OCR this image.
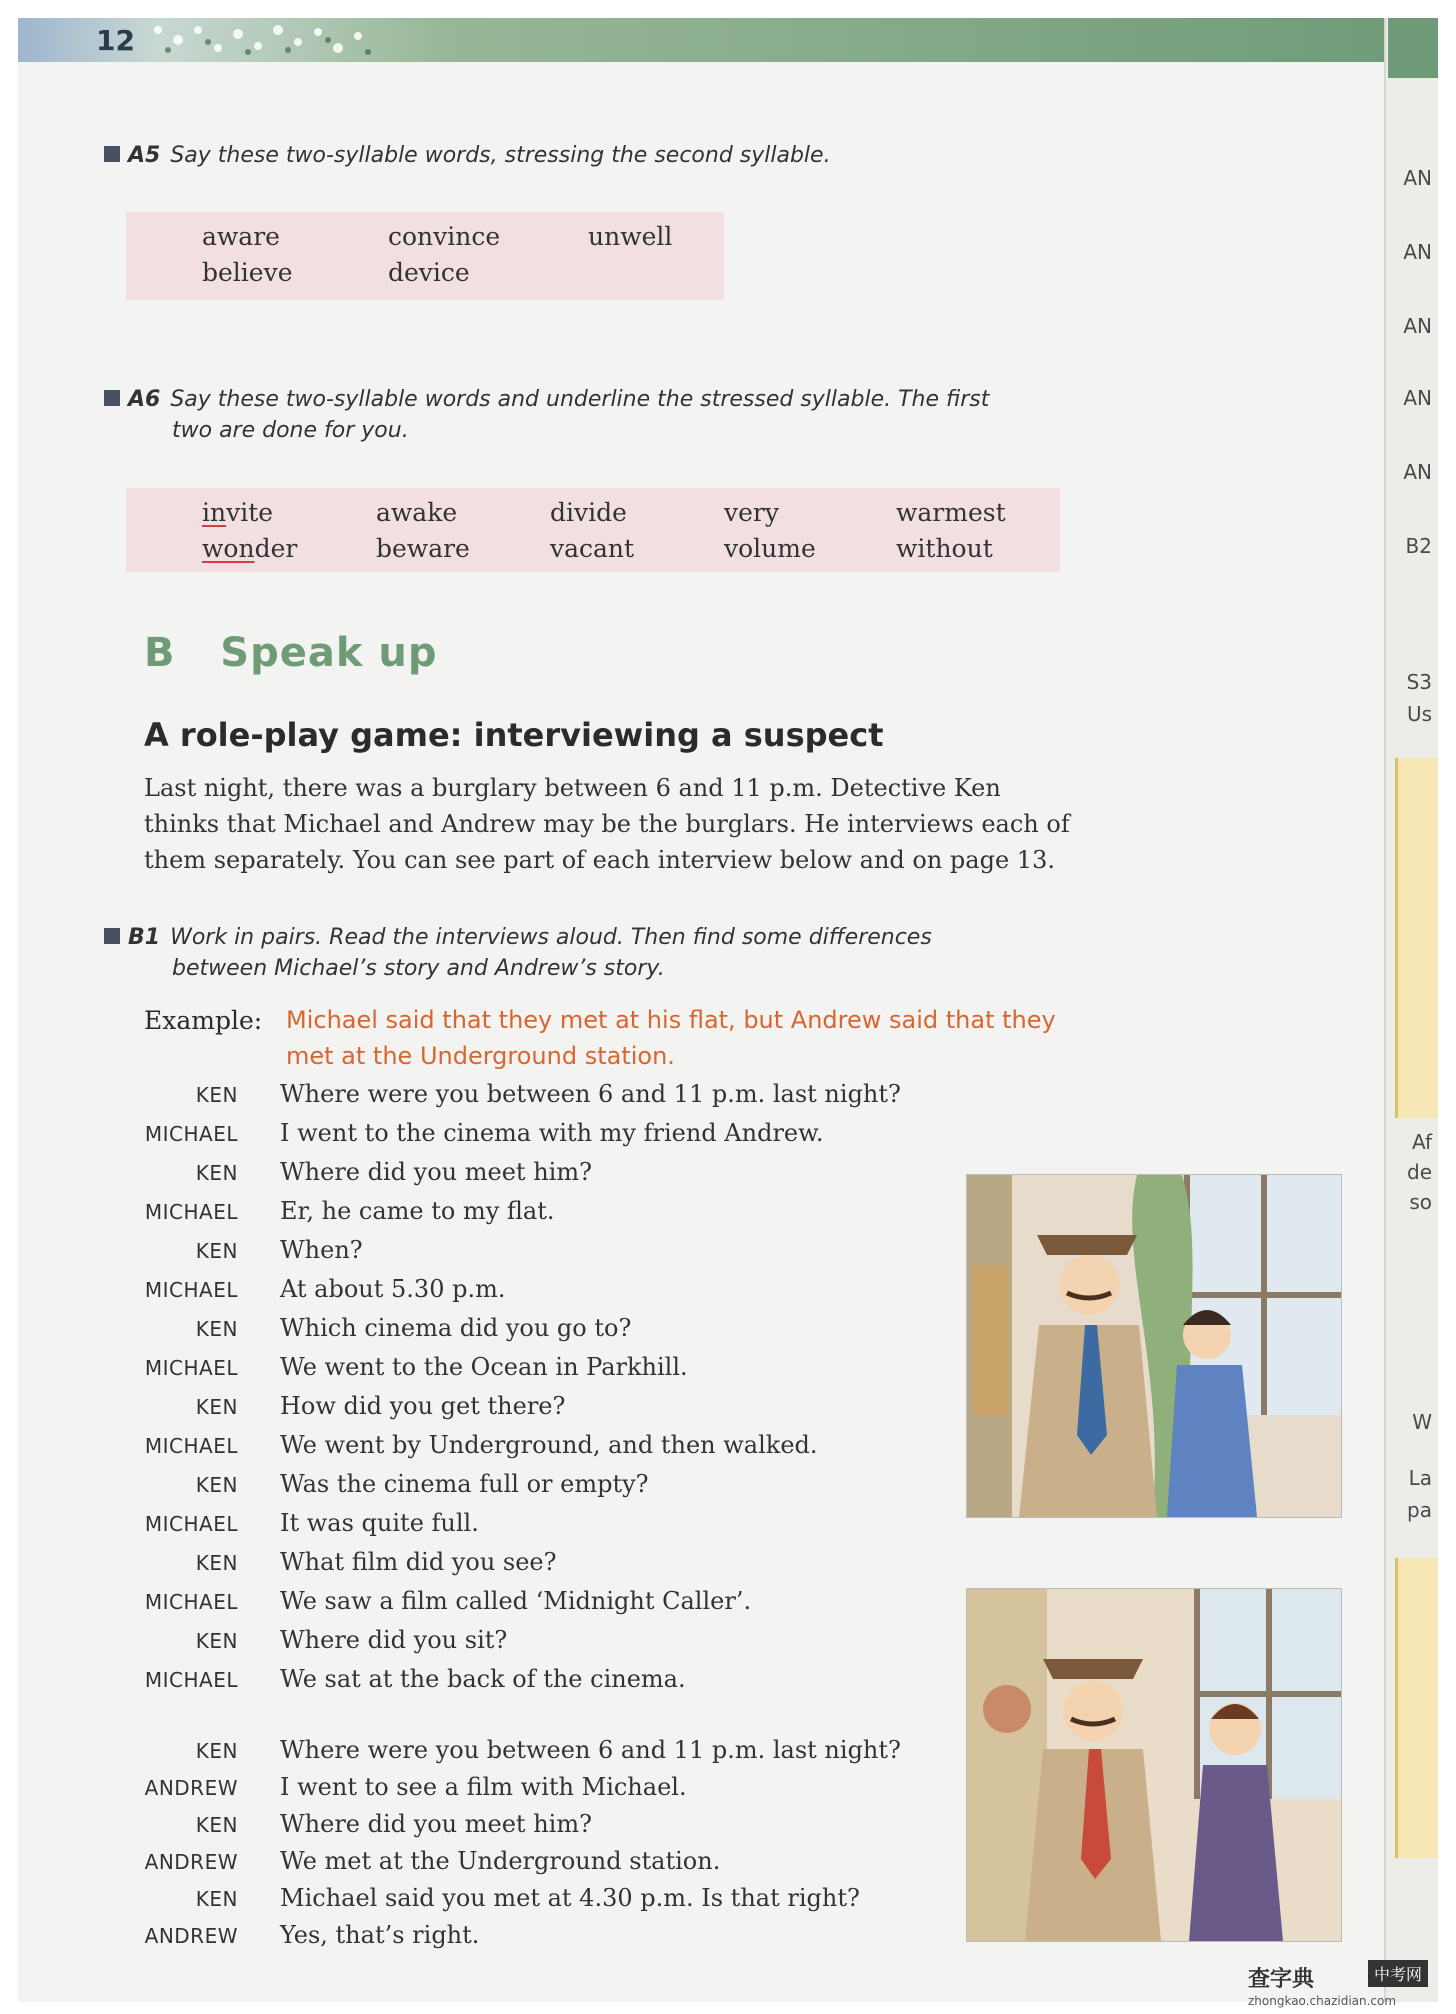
12
A5 Say these two-syllable words, stressing the second syllable.
aware	convince	unwell
believe	device
A6 Say these two-syllable words and underline the stressed syllable. The first
two are done for you.
invite	awake	divide	very	warmest
wonder	beware	vacant	volume	without
B Speak up
A role-play game: interviewing a suspect
Last night, there was a burglary between 6 and 11 p.m. Detective Ken
thinks that Michael and Andrew may be the burglars. He interviews each of
them separately. You can see part of each interview below and on page 13.
B1 Work in pairs. Read the interviews aloud. Then find some differences
between Michael’s story and Andrew’s story.
Example: Michael said that they met at his flat, but Andrew said that they
met at the Underground station.
KEN Where were you between 6 and 11 p.m. last night?
MICHAEL I went to the cinema with my friend Andrew.
KEN Where did you meet him?
MICHAEL Er, he came to my flat.
KEN When?
MICHAEL At about 5.30 p.m.
KEN Which cinema did you go to?
MICHAEL We went to the Ocean in Parkhill.
KEN How did you get there?
MICHAEL We went by Underground, and then walked.
KEN Was the cinema full or empty?
MICHAEL It was quite full.
KEN What film did you see?
MICHAEL We saw a film called ‘Midnight Caller’.
KEN Where did you sit?
MICHAEL We sat at the back of the cinema.
KEN Where were you between 6 and 11 p.m. last night?
ANDREW I went to see a film with Michael.
KEN Where did you meet him?
ANDREW We met at the Underground station.
KEN Michael said you met at 4.30 p.m. Is that right?
ANDREW Yes, that’s right.
AN
AN
AN
AN
AN
B2
S3
Us
Af
de
so
W
La
pa
查字典	中考网
zhongkao.chazidian.com
